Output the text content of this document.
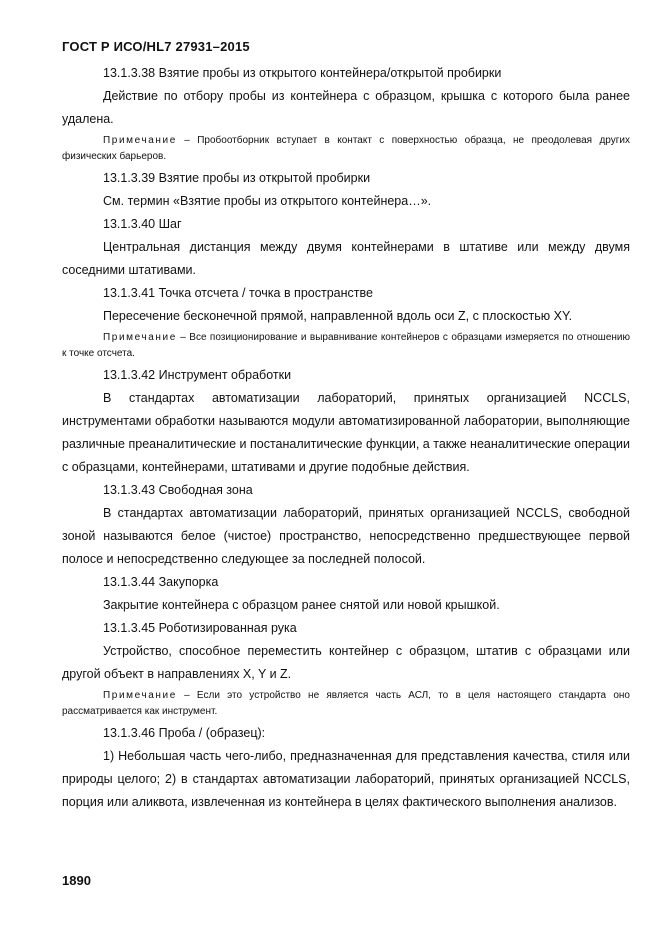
ГОСТ Р ИСО/HL7 27931–2015

13.1.3.38 Взятие пробы из открытого контейнера/открытой пробирки

Действие по отбору пробы из контейнера с образцом, крышка с которого была ранее удалена.

Примечание – Пробоотборник вступает в контакт с поверхностью образца, не преодолевая других физических барьеров.

13.1.3.39 Взятие пробы из открытой пробирки

См. термин «Взятие пробы из открытого контейнера…».

13.1.3.40 Шаг

Центральная дистанция между двумя контейнерами в штативе или между двумя соседними штативами.

13.1.3.41 Точка отсчета / точка в пространстве

Пересечение бесконечной прямой, направленной вдоль оси Z, с плоскостью XY.

Примечание – Все позиционирование и выравнивание контейнеров с образцами измеряется по отношению к точке отсчета.

13.1.3.42 Инструмент обработки

В стандартах автоматизации лабораторий, принятых организацией NCCLS, инструментами обработки называются модули автоматизированной лаборатории, выполняющие различные преаналитические и постаналитические функции, а также неаналитические операции с образцами, контейнерами, штативами и другие подобные действия.

13.1.3.43 Свободная зона

В стандартах автоматизации лабораторий, принятых организацией NCCLS, свободной зоной называются белое (чистое) пространство, непосредственно предшествующее первой полосе и непосредственно следующее за последней полосой.

13.1.3.44 Закупорка

Закрытие контейнера с образцом ранее снятой или новой крышкой.

13.1.3.45 Роботизированная рука

Устройство, способное переместить контейнер с образцом, штатив с образцами или другой объект в направлениях X, Y и Z.

Примечание – Если это устройство не является часть АСЛ, то в целя настоящего стандарта оно рассматривается как инструмент.

13.1.3.46 Проба / (образец):

1) Небольшая часть чего-либо, предназначенная для представления качества, стиля или природы целого; 2) в стандартах автоматизации лабораторий, принятых организацией NCCLS, порция или аликвота, извлеченная из контейнера в целях фактического выполнения анализов.

1890
